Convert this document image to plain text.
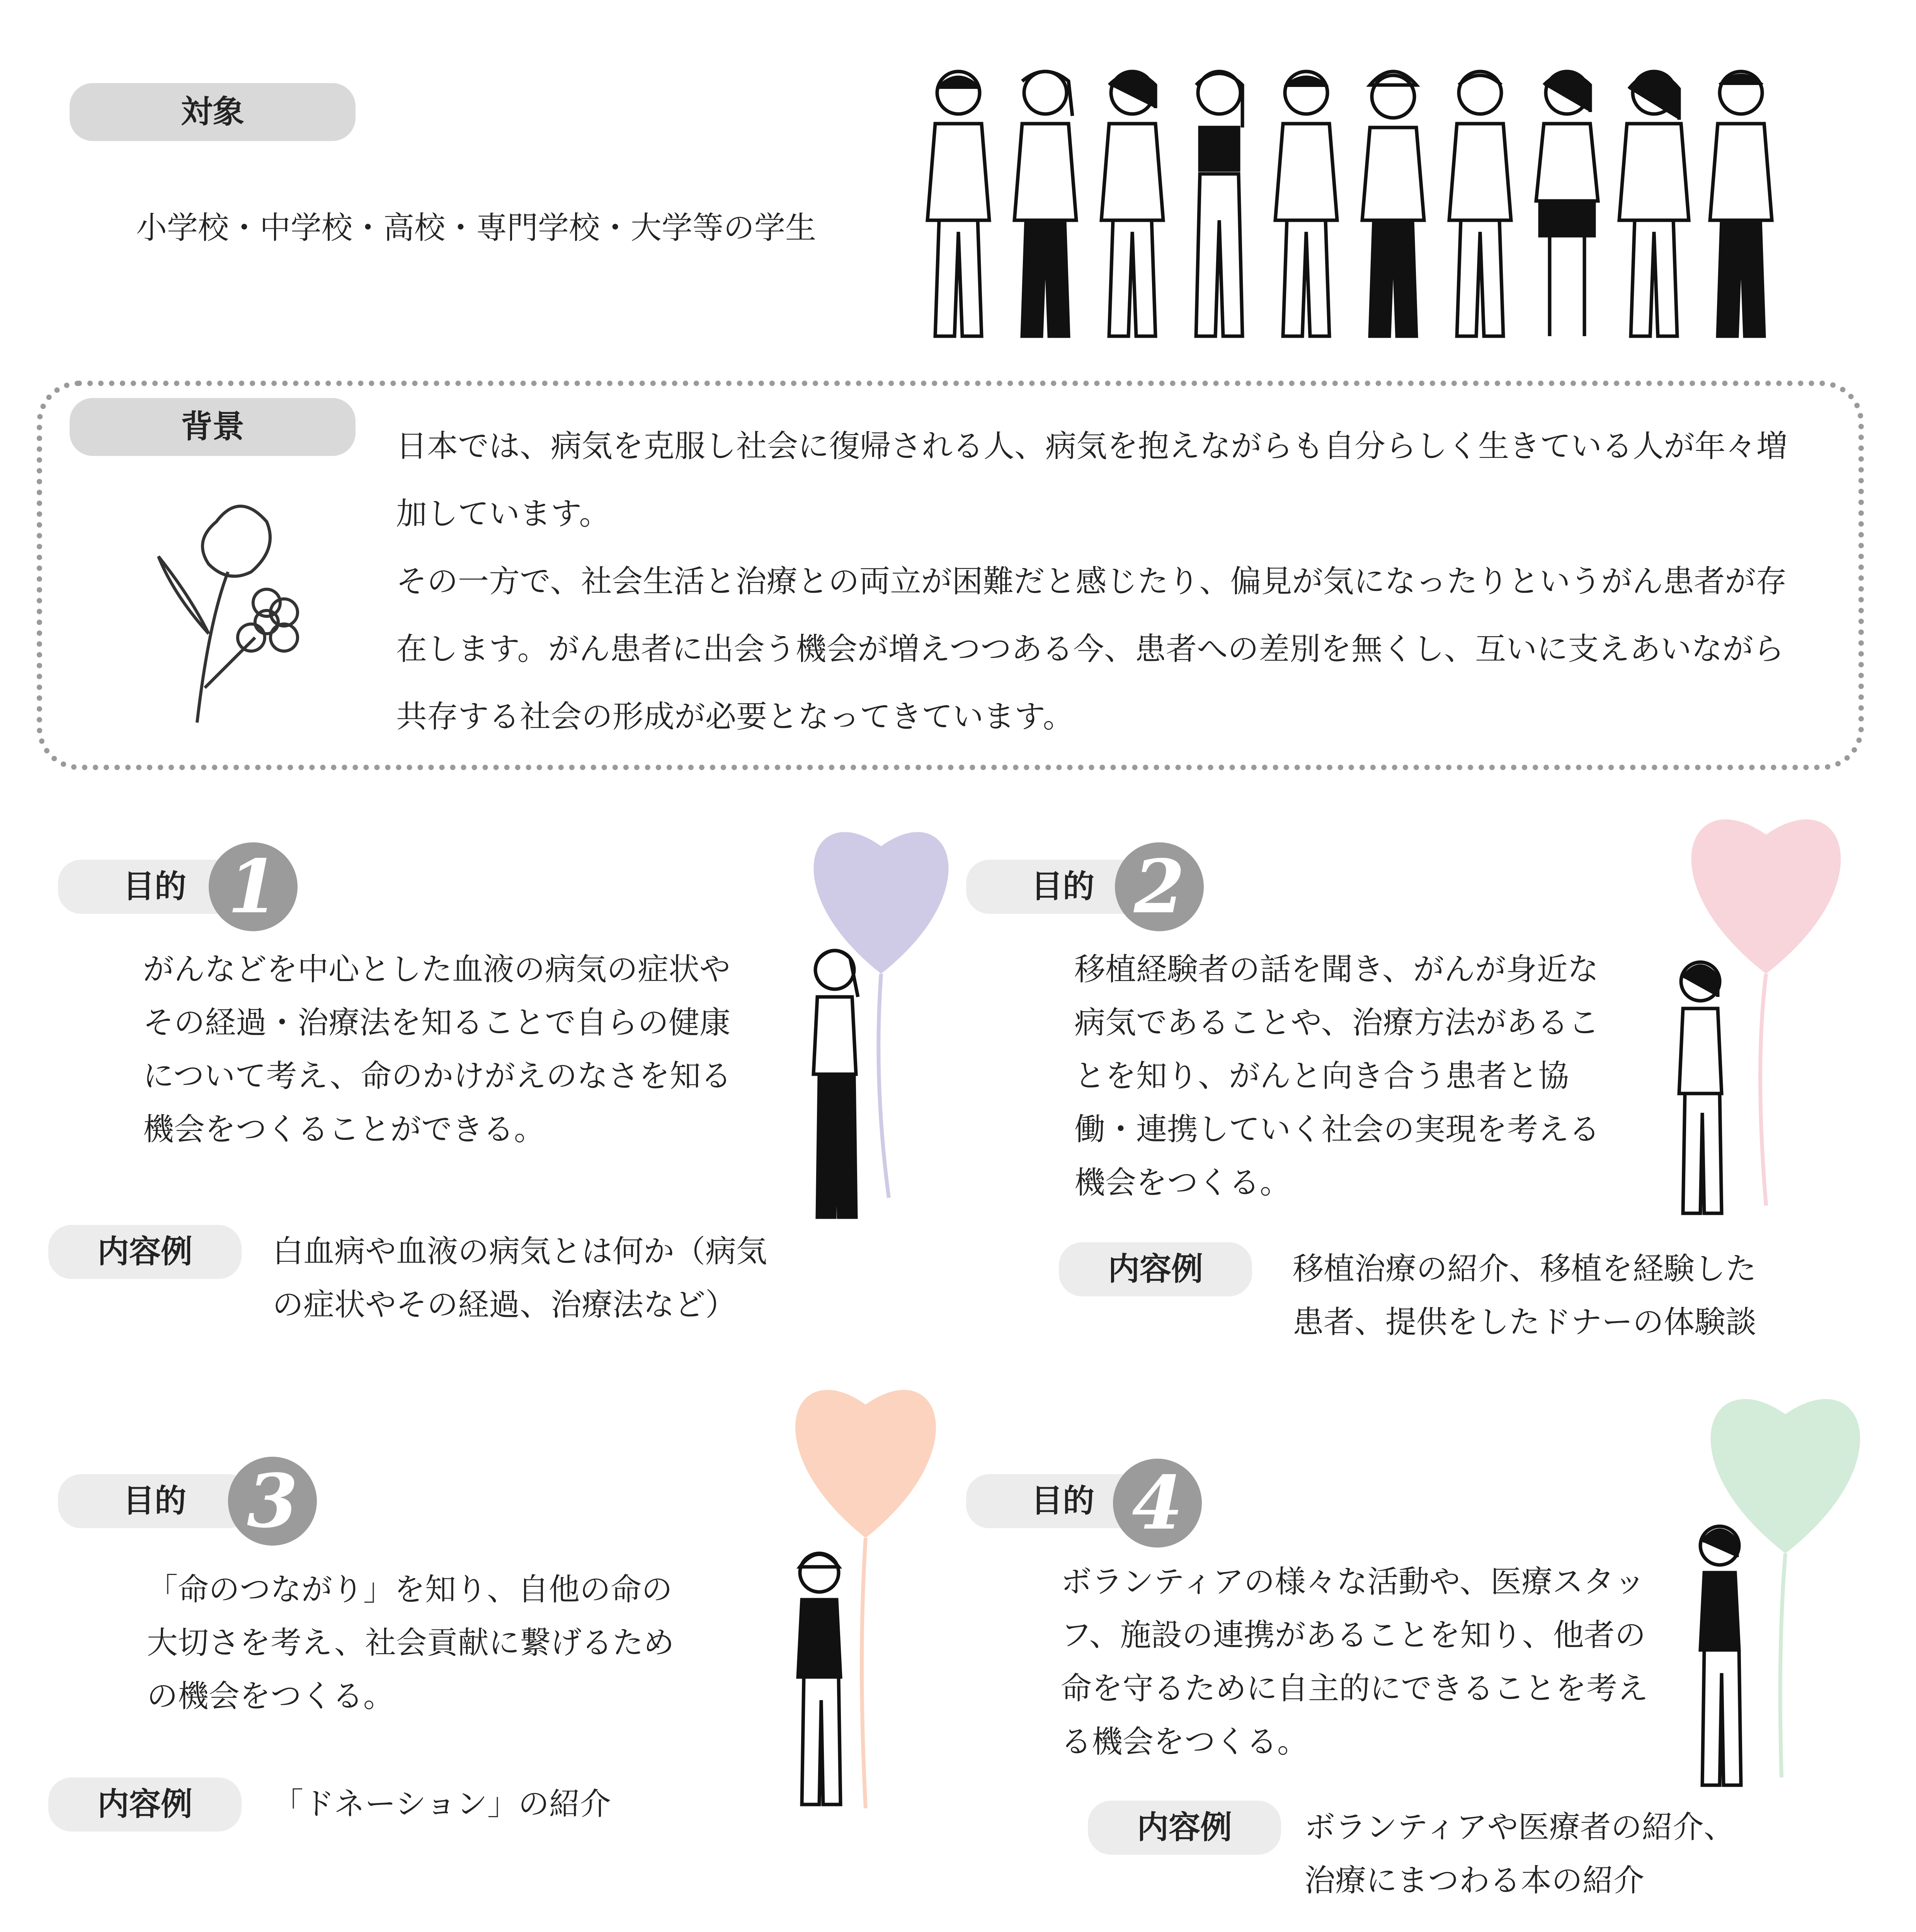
対象
小学校・中学校・高校・専門学校・大学等の学生
背景
日本では、病気を克服し社会に復帰される人、病気を抱えながらも自分らしく生きている人が年々増
加しています。
その一方で、社会生活と治療との両立が困難だと感じたり、偏見が気になったりというがん患者が存
在します。がん患者に出会う機会が増えつつある今、患者への差別を無くし、互いに支えあいながら
共存する社会の形成が必要となってきています。
目的 1
がんなどを中心とした血液の病気の症状や
その経過・治療法を知ることで自らの健康
について考え、命のかけがえのなさを知る
機会をつくることができる。
内容例	白血病や血液の病気とは何か（病気
の症状やその経過、治療法など）
目的 2
移植経験者の話を聞き、がんが身近な
病気であることや、治療方法があるこ
とを知り、がんと向き合う患者と協
働・連携していく社会の実現を考える
機会をつくる。
内容例	移植治療の紹介、移植を経験した
患者、提供をしたドナーの体験談
目的 3
「命のつながり」を知り、自他の命の
大切さを考え、社会貢献に繋げるため
の機会をつくる。
内容例	「ドネーション」の紹介
目的 4
ボランティアの様々な活動や、医療スタッ
フ、施設の連携があることを知り、他者の
命を守るために自主的にできることを考え
る機会をつくる。
内容例	ボランティアや医療者の紹介、
治療にまつわる本の紹介
